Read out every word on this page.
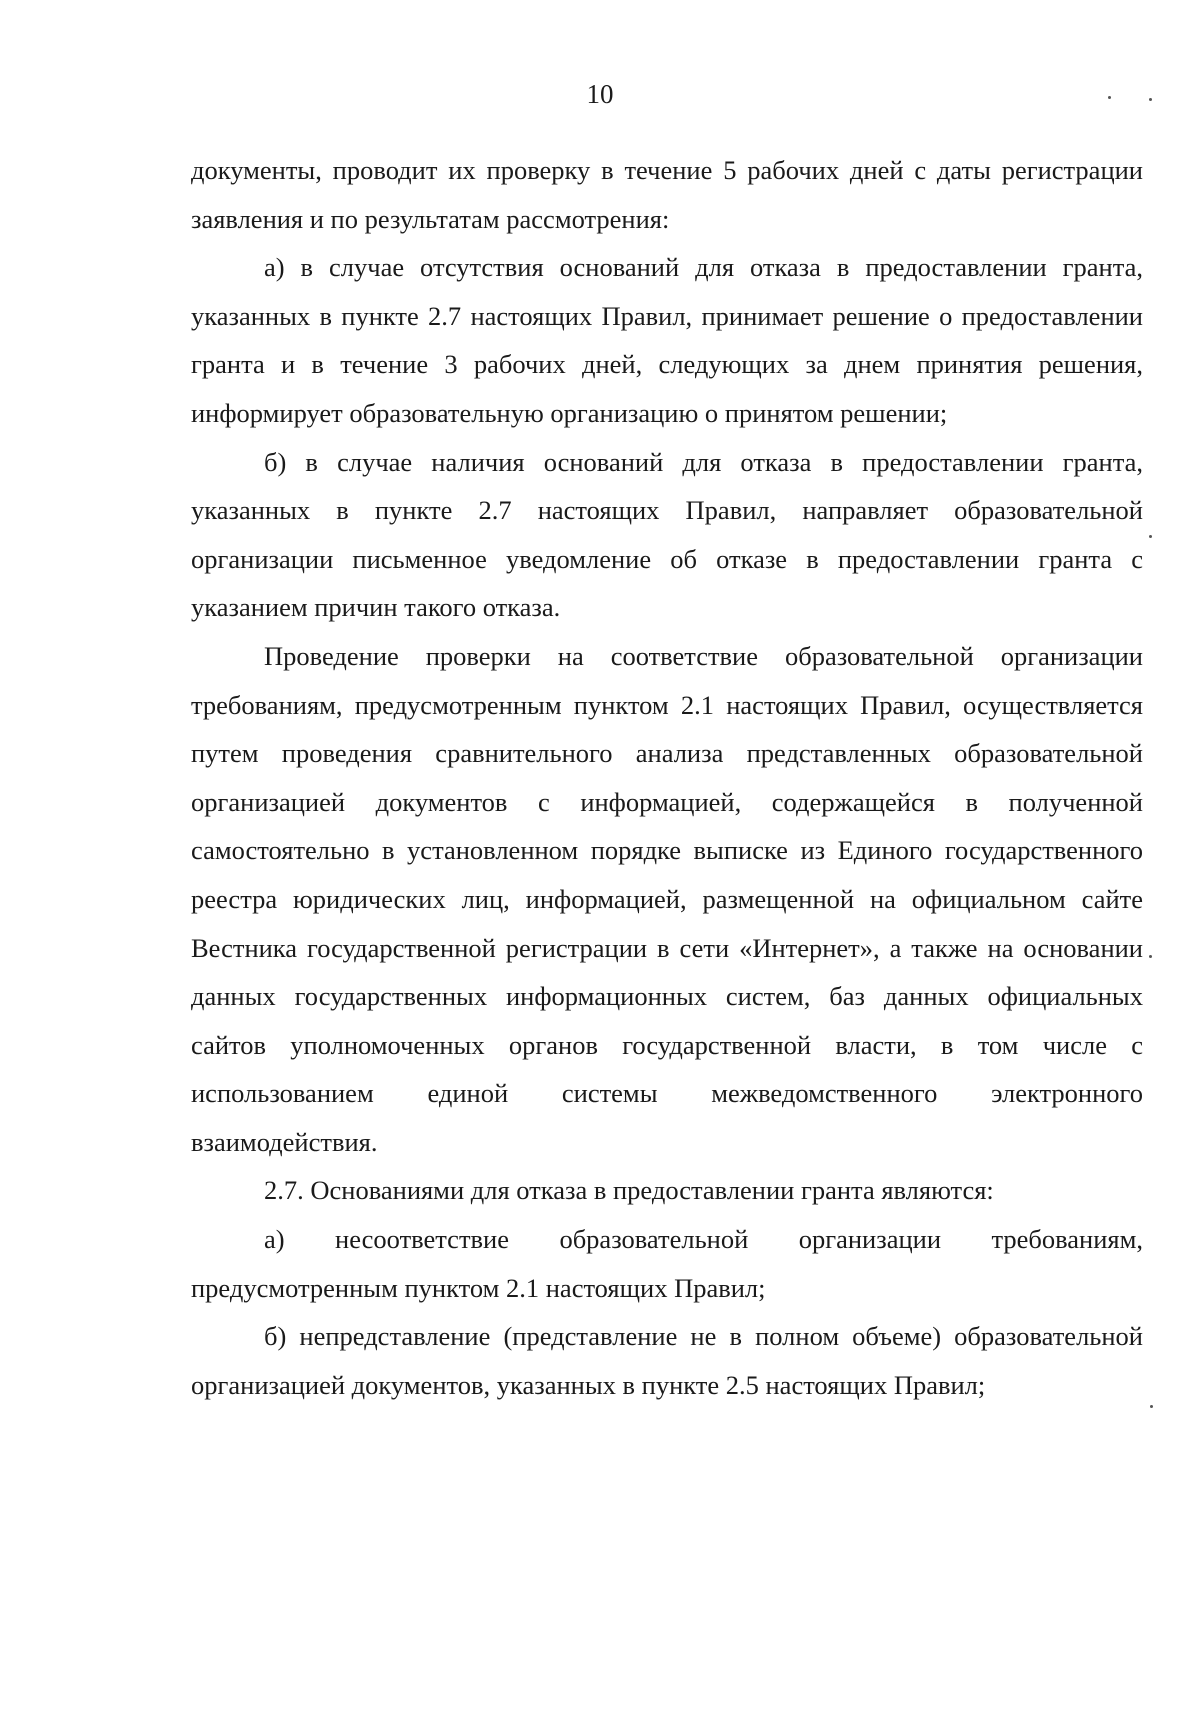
10

документы, проводит их проверку в течение 5 рабочих дней с даты регистрации заявления и по результатам рассмотрения:

а) в случае отсутствия оснований для отказа в предоставлении гранта, указанных в пункте 2.7 настоящих Правил, принимает решение о предоставлении гранта и в течение 3 рабочих дней, следующих за днем принятия решения, информирует образовательную организацию о принятом решении;

б) в случае наличия оснований для отказа в предоставлении гранта, указанных в пункте 2.7 настоящих Правил, направляет образовательной организации письменное уведомление об отказе в предоставлении гранта с указанием причин такого отказа.

Проведение проверки на соответствие образовательной организации требованиям, предусмотренным пунктом 2.1 настоящих Правил, осуществляется путем проведения сравнительного анализа представленных образовательной организацией документов с информацией, содержащейся в полученной самостоятельно в установленном порядке выписке из Единого государственного реестра юридических лиц, информацией, размещенной на официальном сайте Вестника государственной регистрации в сети «Интернет», а также на основании данных государственных информационных систем, баз данных официальных сайтов уполномоченных органов государственной власти, в том числе с использованием единой системы межведомственного электронного взаимодействия.

2.7. Основаниями для отказа в предоставлении гранта являются:

а) несоответствие образовательной организации требованиям, предусмотренным пунктом 2.1 настоящих Правил;

б) непредставление (представление не в полном объеме) образовательной организацией документов, указанных в пункте 2.5 настоящих Правил;
